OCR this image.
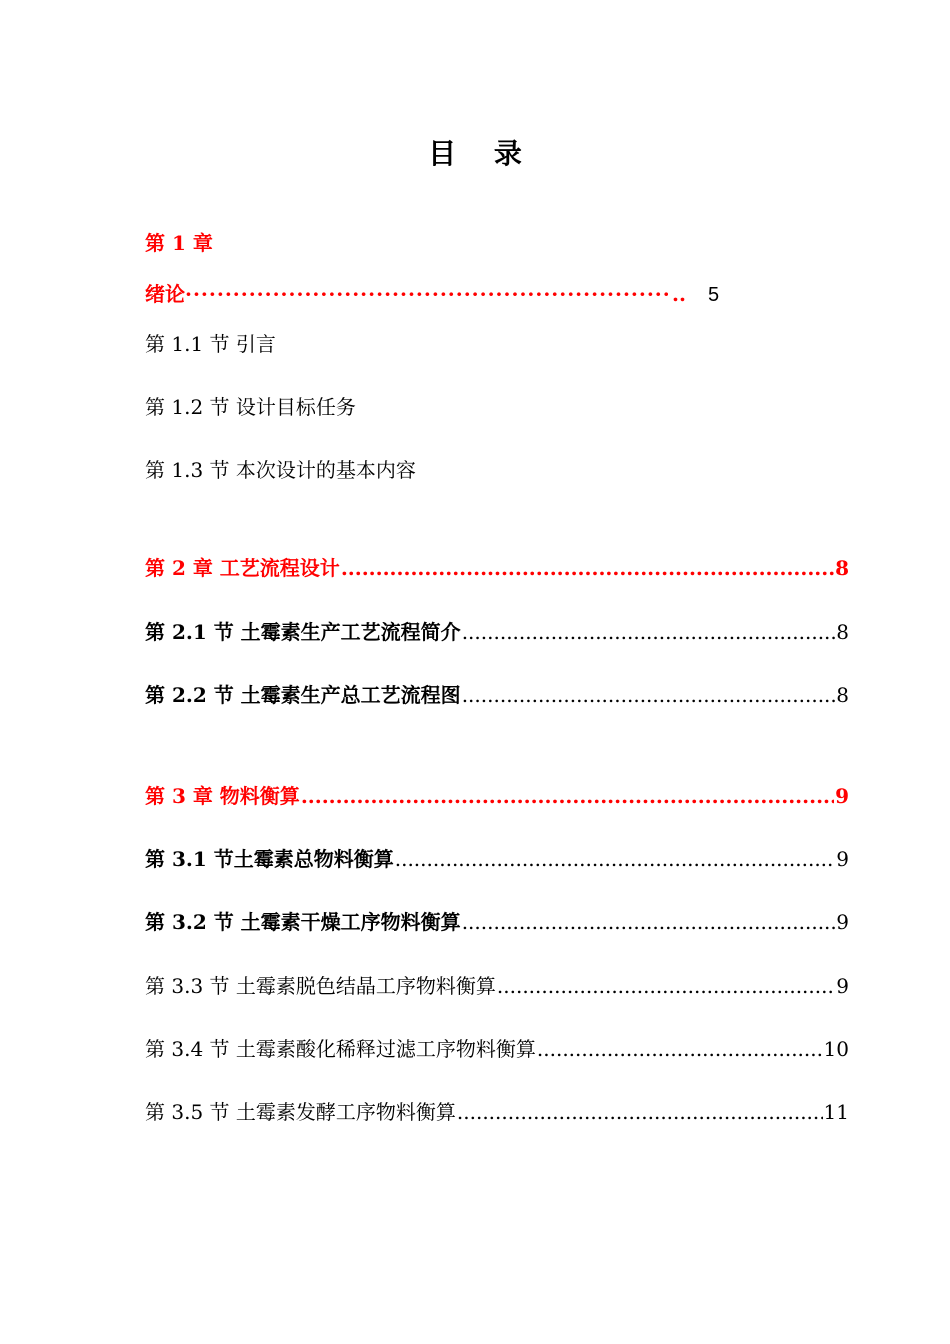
目 录
第 1 章
绪论 ·····	.. 5
第 1.1 节 引言
第 1.2 节 设计目标任务
第 1.3 节 本次设计的基本内容
第 2 章 工艺流程设计 .....	8
第 2.1 节 土霉素生产工艺流程简介 .....	8
第 2.2 节 土霉素生产总工艺流程图 .....	8
第 3 章 物料衡算 .....	9
第 3.1 节土霉素总物料衡算 .....	9
第 3.2 节 土霉素干燥工序物料衡算 .....	9
第 3.3 节 土霉素脱色结晶工序物料衡算 .....	9
第 3.4 节 土霉素酸化稀释过滤工序物料衡算 .....	10
第 3.5 节 土霉素发酵工序物料衡算 .....	11
